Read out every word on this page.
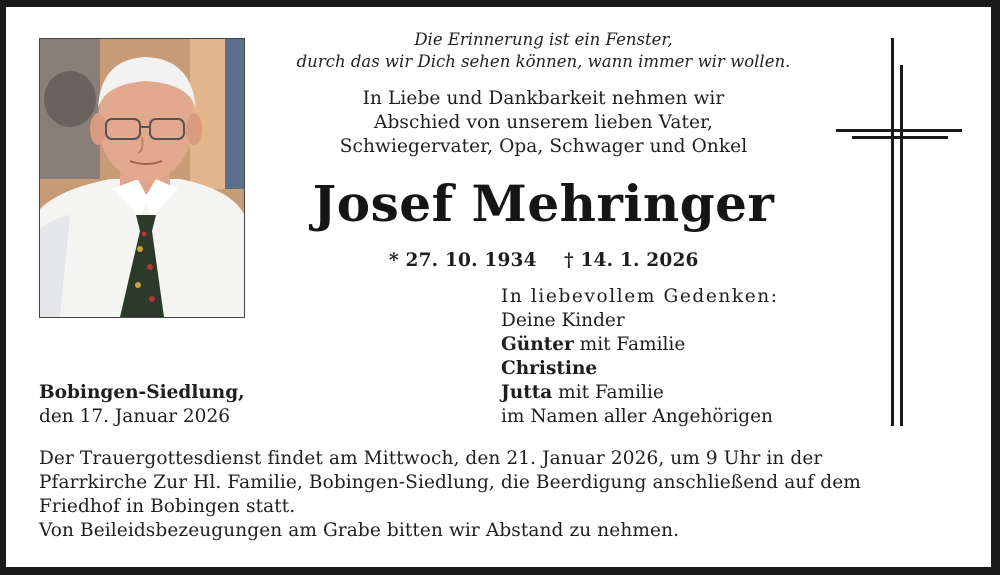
Die Erinnerung ist ein Fenster,
durch das wir Dich sehen können, wann immer wir wollen.
In Liebe und Dankbarkeit nehmen wir
Abschied von unserem lieben Vater,
Schwiegervater, Opa, Schwager und Onkel
Josef Mehringer
* 27. 10. 1934 † 14. 1. 2026
In liebevollem Gedenken:
Deine Kinder
Günter mit Familie
Christine
Jutta mit Familie
im Namen aller Angehörigen
Bobingen-Siedlung,
den 17. Januar 2026
Der Trauergottesdienst findet am Mittwoch, den 21. Januar 2026, um 9 Uhr in der
Pfarrkirche Zur Hl. Familie, Bobingen-Siedlung, die Beerdigung anschließend auf dem
Friedhof in Bobingen statt.
Von Beileidsbezeugungen am Grabe bitten wir Abstand zu nehmen.
